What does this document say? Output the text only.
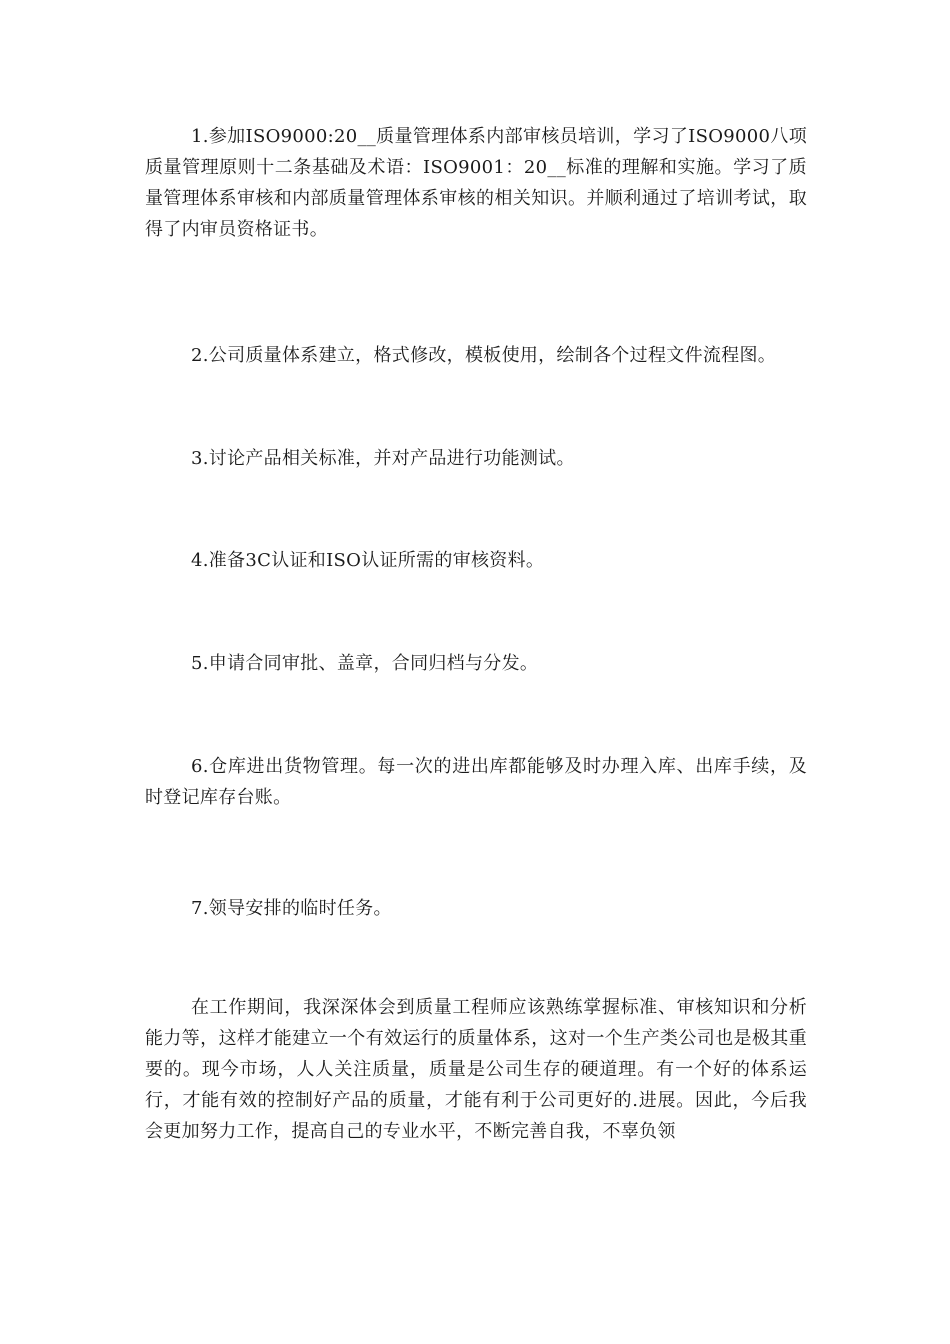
1.参加ISO9000:20__质量管理体系内部审核员培训，学习了ISO9000八项质量管理原则十二条基础及术语：ISO9001：20__标准的理解和实施。学习了质量管理体系审核和内部质量管理体系审核的相关知识。并顺利通过了培训考试，取得了内审员资格证书。

2.公司质量体系建立，格式修改，模板使用，绘制各个过程文件流程图。

3.讨论产品相关标准，并对产品进行功能测试。

4.准备3C认证和ISO认证所需的审核资料。

5.申请合同审批、盖章，合同归档与分发。

6.仓库进出货物管理。每一次的进出库都能够及时办理入库、出库手续，及时登记库存台账。

7.领导安排的临时任务。

在工作期间，我深深体会到质量工程师应该熟练掌握标准、审核知识和分析能力等，这样才能建立一个有效运行的质量体系，这对一个生产类公司也是极其重要的。现今市场，人人关注质量，质量是公司生存的硬道理。有一个好的体系运行，才能有效的控制好产品的质量，才能有利于公司更好的.进展。因此，今后我会更加努力工作，提高自己的专业水平，不断完善自我，不辜负领
